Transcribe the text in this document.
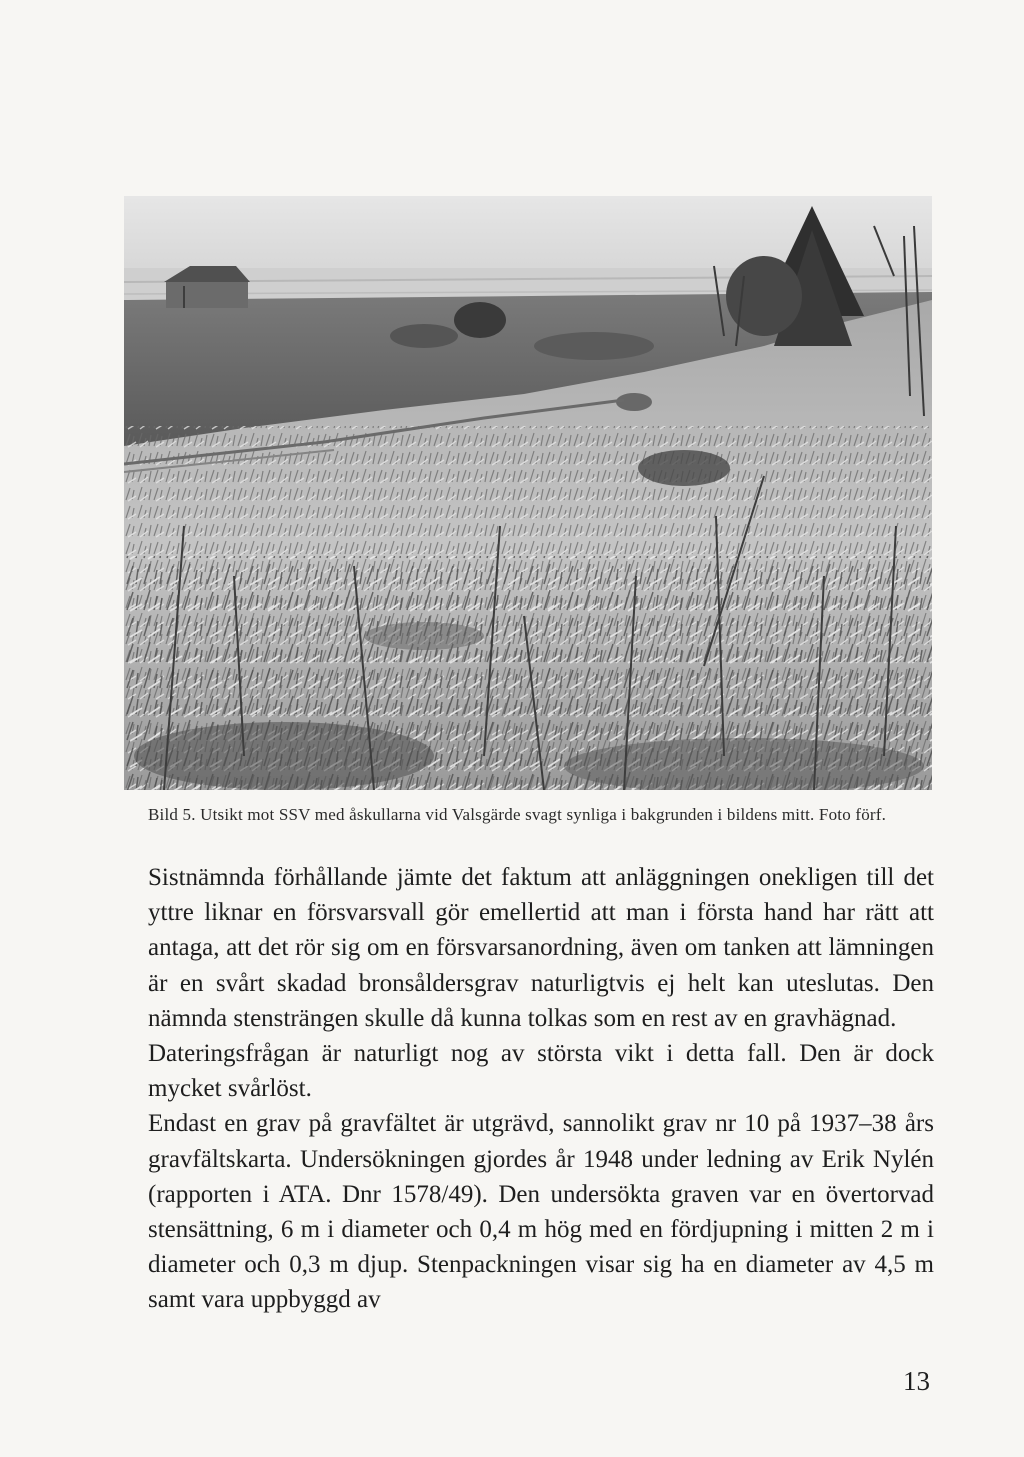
Bild 5. Utsikt mot SSV med åskullarna vid Valsgärde svagt synliga i bakgrunden i bildens mitt. Foto förf.

Sistnämnda förhållande jämte det faktum att anläggningen onekligen till det yttre liknar en försvarsvall gör emellertid att man i första hand har rätt att antaga, att det rör sig om en försvarsanordning, även om tanken att lämningen är en svårt skadad bronsåldersgrav naturligtvis ej helt kan uteslutas. Den nämnda stensträngen skulle då kunna tolkas som en rest av en gravhägnad.

Dateringsfrågan är naturligt nog av största vikt i detta fall. Den är dock mycket svårlöst.

Endast en grav på gravfältet är utgrävd, sannolikt grav nr 10 på 1937–38 års gravfältskarta. Undersökningen gjordes år 1948 under ledning av Erik Nylén (rapporten i ATA. Dnr 1578/49). Den undersökta graven var en övertorvad stensättning, 6 m i diameter och 0,4 m hög med en fördjupning i mitten 2 m i diameter och 0,3 m djup. Stenpackningen visar sig ha en diameter av 4,5 m samt vara uppbyggd av

13
